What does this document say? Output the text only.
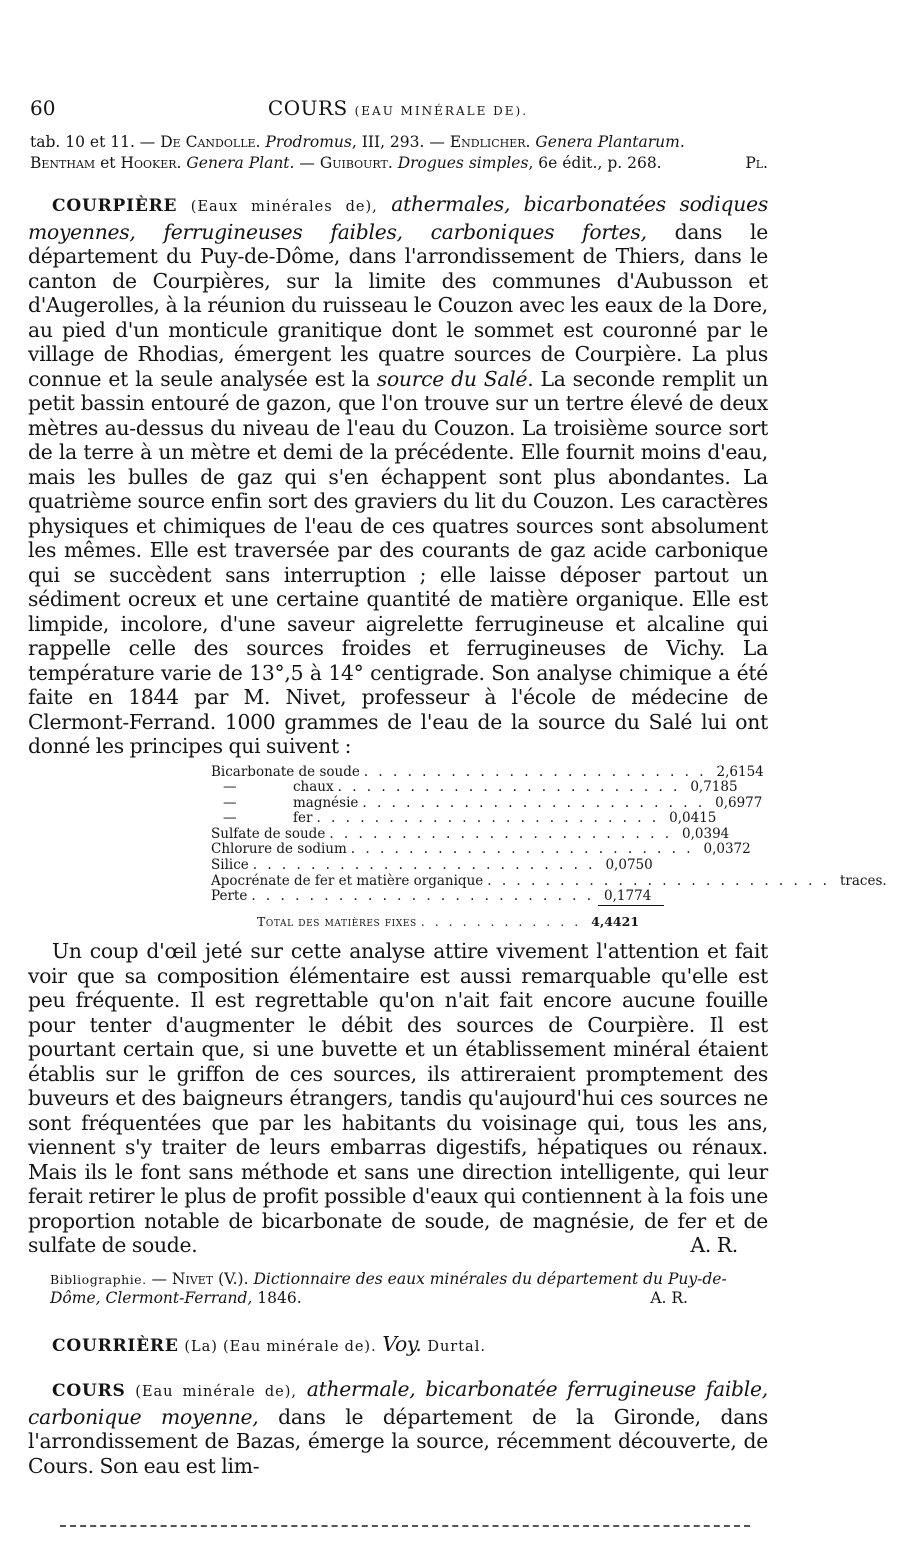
60	COURS (EAU MINÉRALE DE).
tab. 10 et 11. — De Candolle. Prodromus, III, 293. — Endlicher. Genera Plantarum.
Bentham et Hooker. Genera Plant. — Guibourt. Drogues simples, 6e édit., p. 268.	Pl.

COURPIÈRE (Eaux minérales de), athermales, bicarbonatées sodiques moyennes, ferrugineuses faibles, carboniques fortes, dans le département du Puy-de-Dôme, dans l'arrondissement de Thiers, dans le canton de Courpières, sur la limite des communes d'Aubusson et d'Augerolles, à la réunion du ruisseau le Couzon avec les eaux de la Dore, au pied d'un monticule granitique dont le sommet est couronné par le village de Rhodias, émergent les quatre sources de Courpière. La plus connue et la seule analysée est la source du Salé. La seconde remplit un petit bassin entouré de gazon, que l'on trouve sur un tertre élevé de deux mètres au-dessus du niveau de l'eau du Couzon. La troisième source sort de la terre à un mètre et demi de la précédente. Elle fournit moins d'eau, mais les bulles de gaz qui s'en échappent sont plus abondantes. La quatrième source enfin sort des graviers du lit du Couzon. Les caractères physiques et chimiques de l'eau de ces quatres sources sont absolument les mêmes. Elle est traversée par des courants de gaz acide carbonique qui se succèdent sans interruption ; elle laisse déposer partout un sédiment ocreux et une certaine quantité de matière organique. Elle est limpide, incolore, d'une saveur aigrelette ferrugineuse et alcaline qui rappelle celle des sources froides et ferrugineuses de Vichy. La température varie de 13°,5 à 14° centigrade. Son analyse chimique a été faite en 1844 par M. Nivet, professeur à l'école de médecine de Clermont-Ferrand. 1000 grammes de l'eau de la source du Salé lui ont donné les principes qui suivent :

Bicarbonate de soude . . . . . . . . . . . . . . . . . . . . . . . . 2,6154
—	chaux . . . . . . . . . . . . . . . . . . . . . . . . 0,7185
—	magnésie . . . . . . . . . . . . . . . . . . . . . . . . 0,6977
—	fer . . . . . . . . . . . . . . . . . . . . . . . . 0,0415
Sulfate de soude . . . . . . . . . . . . . . . . . . . . . . . . 0,0394
Chlorure de sodium . . . . . . . . . . . . . . . . . . . . . . . . 0,0372
Silice . . . . . . . . . . . . . . . . . . . . . . . . 0,0750
Apocrénate de fer et matière organique . . . . . . . . . . . . . . . . . . . . . . . . traces.
Perte . . . . . . . . . . . . . . . . . . . . . . . . 0,1774
Total des matières fixes . . . . . . . . . . . . 4,4421

Un coup d'œil jeté sur cette analyse attire vivement l'attention et fait voir que sa composition élémentaire est aussi remarquable qu'elle est peu fréquente. Il est regrettable qu'on n'ait fait encore aucune fouille pour tenter d'augmenter le débit des sources de Courpière. Il est pourtant certain que, si une buvette et un établissement minéral étaient établis sur le griffon de ces sources, ils attireraient promptement des buveurs et des baigneurs étrangers, tandis qu'aujourd'hui ces sources ne sont fréquentées que par les habitants du voisinage qui, tous les ans, viennent s'y traiter de leurs embarras digestifs, hépatiques ou rénaux. Mais ils le font sans méthode et sans une direction intelligente, qui leur ferait retirer le plus de profit possible d'eaux qui contiennent à la fois une proportion notable de bicarbonate de soude, de magnésie, de fer et de sulfate de soude.	A. R.

Bibliographie. — Nivet (V.). Dictionnaire des eaux minérales du département du Puy-de-Dôme, Clermont-Ferrand, 1846.	A. R.

COURRIÈRE (La) (Eau minérale de). Voy. Durtal.

COURS (Eau minérale de), athermale, bicarbonatée ferrugineuse faible, carbonique moyenne, dans le département de la Gironde, dans l'arrondissement de Bazas, émerge la source, récemment découverte, de Cours. Son eau est lim-
